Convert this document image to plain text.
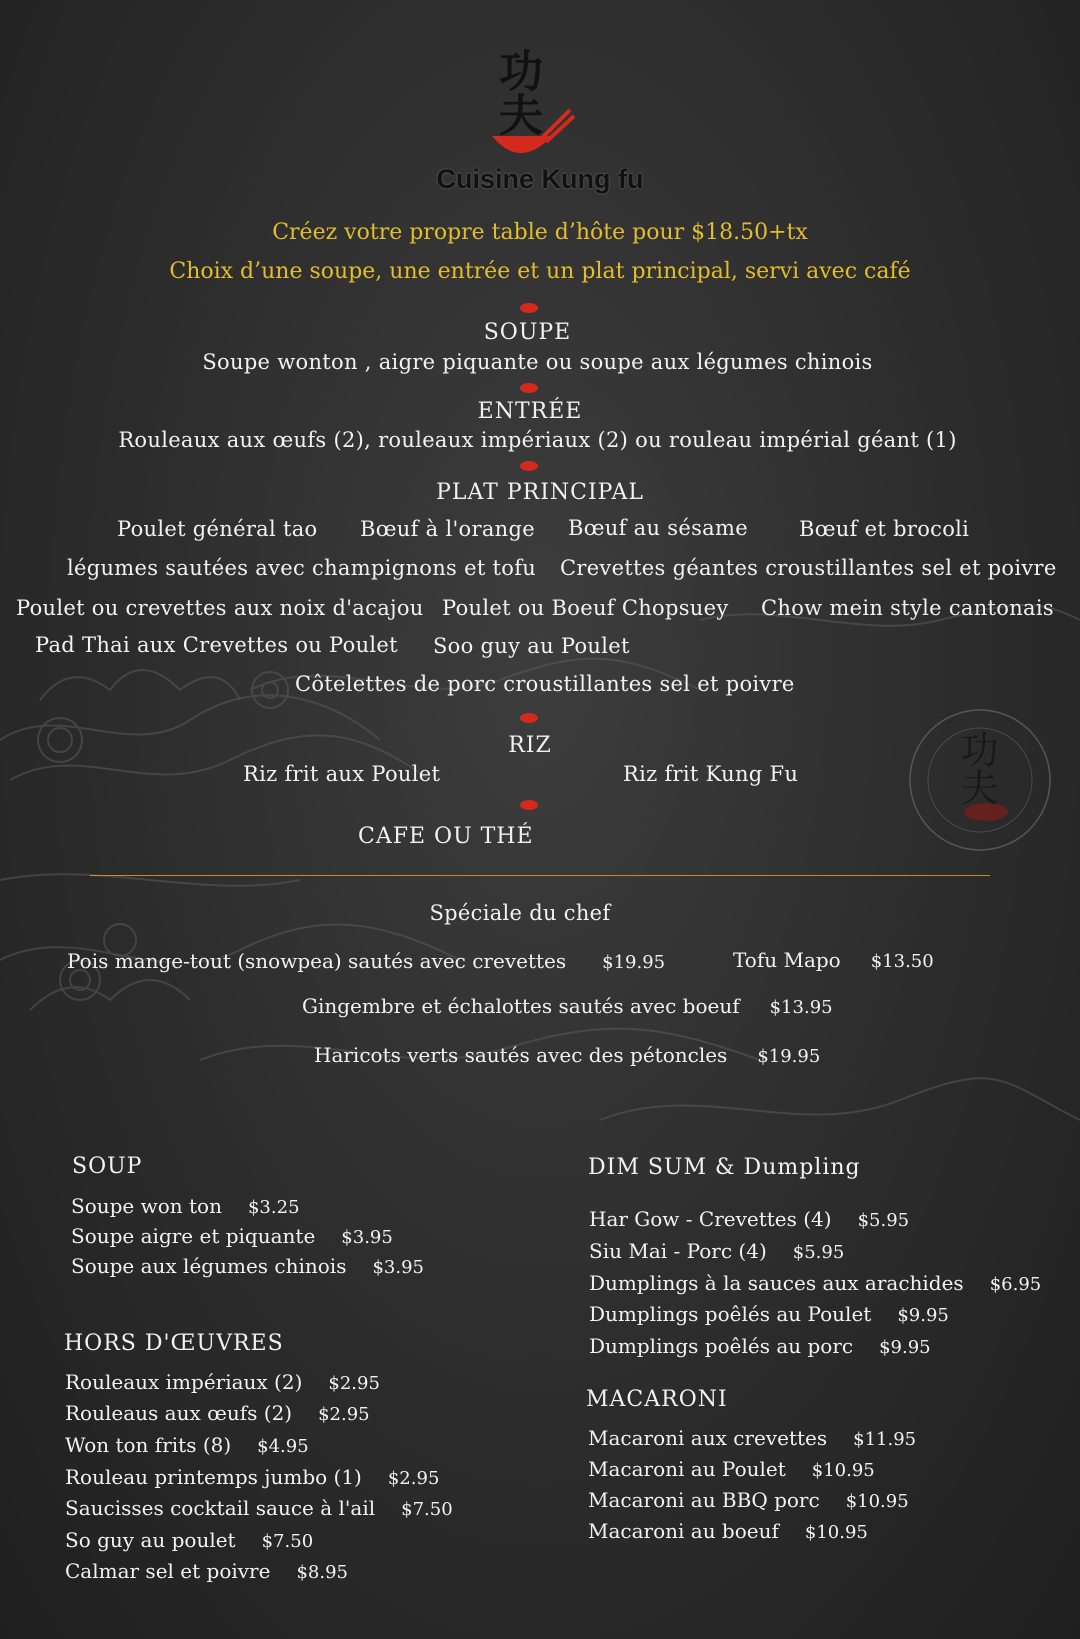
功夫
Cuisine Kung fu
Créez votre propre table d’hôte pour $18.50+tx
Choix d’une soupe, une entrée et un plat principal, servi avec café
SOUPE
Soupe wonton , aigre piquante ou soupe aux légumes chinois
ENTRÉE
Rouleaux aux œufs (2), rouleaux impériaux (2) ou rouleau impérial géant (1)
PLAT PRINCIPAL
Poulet général tao Bœuf à l'orange Bœuf au sésame Bœuf et brocoli
légumes sautées avec champignons et tofu Crevettes géantes croustillantes sel et poivre
Poulet ou crevettes aux noix d'acajou Poulet ou Boeuf Chopsuey Chow mein style cantonais
Pad Thai aux Crevettes ou Poulet Soo guy au Poulet
Côtelettes de porc croustillantes sel et poivre
RIZ
Riz frit aux Poulet	Riz frit Kung Fu
CAFE OU THÉ
功夫
Spéciale du chef
Pois mange-tout (snowpea) sautés avec crevettes $19.95	Tofu Mapo $13.50
Gingembre et échalottes sautés avec boeuf $13.95
Haricots verts sautés avec des pétoncles $19.95
SOUP
Soupe won ton $3.25
Soupe aigre et piquante $3.95
Soupe aux légumes chinois $3.95
HORS D'ŒUVRES
Rouleaux impériaux (2) $2.95
Rouleaus aux œufs (2) $2.95
Won ton frits (8) $4.95
Rouleau printemps jumbo (1) $2.95
Saucisses cocktail sauce à l'ail $7.50
So guy au poulet $7.50
Calmar sel et poivre $8.95
DIM SUM & Dumpling
Har Gow - Crevettes (4) $5.95
Siu Mai - Porc (4) $5.95
Dumplings à la sauces aux arachides $6.95
Dumplings poêlés au Poulet $9.95
Dumplings poêlés au porc $9.95
MACARONI
Macaroni aux crevettes $11.95
Macaroni au Poulet $10.95
Macaroni au BBQ porc $10.95
Macaroni au boeuf $10.95
